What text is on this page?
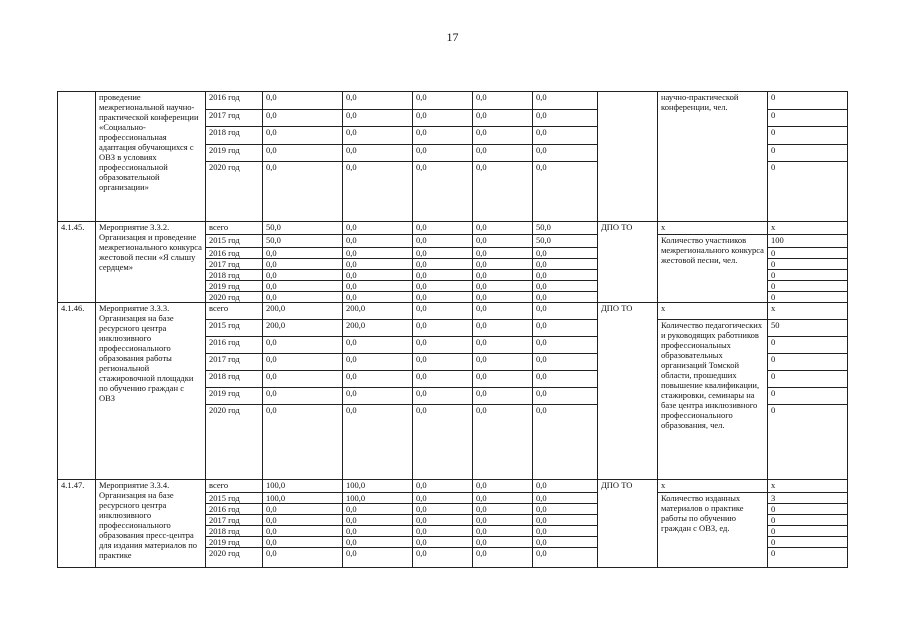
17
	проведение межрегиональной научно-практической конференции «Социально-профессиональная адаптация обучающихся с ОВЗ в условиях профессиональной образовательной организации»	2016 год	0,0	0,0	0,0	0,0	0,0		научно-практической конференции, чел.	0
		2017 год	0,0	0,0	0,0	0,0	0,0			0
		2018 год	0,0	0,0	0,0	0,0	0,0			0
		2019 год	0,0	0,0	0,0	0,0	0,0			0
		2020 год	0,0	0,0	0,0	0,0	0,0			0
4.1.45.	Мероприятие 3.3.2. Организация и проведение межрегионального конкурса жестовой песни «Я слышу сердцем»	всего	50,0	0,0	0,0	0,0	50,0	ДПО ТО	х	х
		2015 год	50,0	0,0	0,0	0,0	50,0		Количество участников межрегионального конкурса жестовой песни, чел.	100
		2016 год	0,0	0,0	0,0	0,0	0,0			0
		2017 год	0,0	0,0	0,0	0,0	0,0			0
		2018 год	0,0	0,0	0,0	0,0	0,0			0
		2019 год	0,0	0,0	0,0	0,0	0,0			0
		2020 год	0,0	0,0	0,0	0,0	0,0			0
4.1.46.	Мероприятие 3.3.3. Организация на базе ресурсного центра инклюзивного профессионального образования работы региональной стажировочной площадки по обучению граждан с ОВЗ	всего	200,0	200,0	0,0	0,0	0,0	ДПО ТО	х	х
		2015 год	200,0	200,0	0,0	0,0	0,0		Количество педагогических и руководящих работников профессиональных образовательных организаций Томской области, прошедших повышение квалификации, стажировки, семинары на базе центра инклюзивного профессионального образования, чел.	50
		2016 год	0,0	0,0	0,0	0,0	0,0			0
		2017 год	0,0	0,0	0,0	0,0	0,0			0
		2018 год	0,0	0,0	0,0	0,0	0,0			0
		2019 год	0,0	0,0	0,0	0,0	0,0			0
		2020 год	0,0	0,0	0,0	0,0	0,0			0
4.1.47.	Мероприятие 3.3.4. Организация на базе ресурсного центра инклюзивного профессионального образования пресс-центра для издания материалов по практике	всего	100,0	100,0	0,0	0,0	0,0	ДПО ТО	х	х
		2015 год	100,0	100,0	0,0	0,0	0,0		Количество изданных материалов о практике работы по обучению граждан с ОВЗ, ед.	3
		2016 год	0,0	0,0	0,0	0,0	0,0			0
		2017 год	0,0	0,0	0,0	0,0	0,0			0
		2018 год	0,0	0,0	0,0	0,0	0,0			0
		2019 год	0,0	0,0	0,0	0,0	0,0			0
		2020 год	0,0	0,0	0,0	0,0	0,0			0
